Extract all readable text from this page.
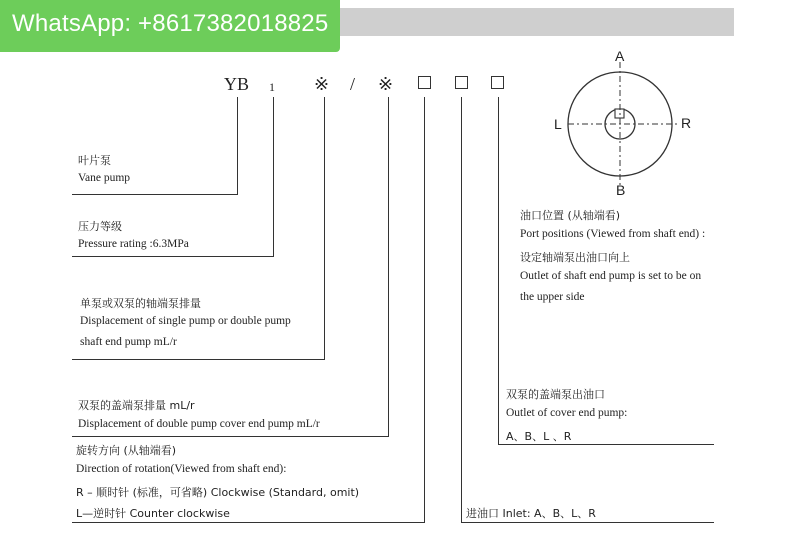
WhatsApp: +8617382018825
YB 1 ※ / ※
叶片泵
Vane pump
压力等级
Pressure rating :6.3MPa
单泵或双泵的轴端泵排量
Displacement of single pump or double pump
shaft end pump mL/r
双泵的盖端泵排量 mL/r
Displacement of double pump cover end pump mL/r
旋转方向 (从轴端看)
Direction of rotation(Viewed from shaft end):
R – 顺时针 (标准，可省略) Clockwise (Standard, omit)
L—逆时针 Counter clockwise
油口位置 (从轴端看)
Port positions (Viewed from shaft end) :
设定轴端泵出油口向上
Outlet of shaft end pump is set to be on
the upper side
双泵的盖端泵出油口
Outlet of cover end pump:
A、B、L 、R
进油口 Inlet: A、B、L、R
A
B
L	R
